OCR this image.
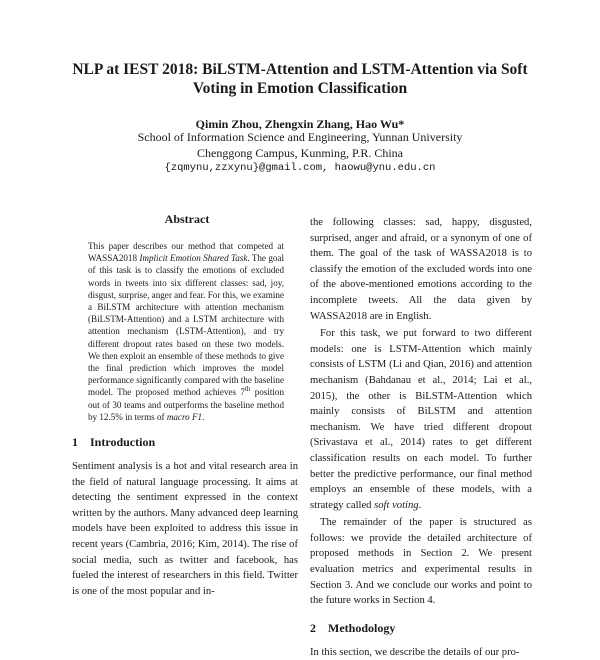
NLP at IEST 2018: BiLSTM-Attention and LSTM-Attention via Soft
Voting in Emotion Classification
Qimin Zhou, Zhengxin Zhang, Hao Wu*
School of Information Science and Engineering, Yunnan University
Chenggong Campus, Kunming, P.R. China
{zqmynu,zzxynu}@gmail.com, haowu@ynu.edu.cn
Abstract

This paper describes our method that competed at WASSA2018 Implicit Emotion Shared Task. The goal of this task is to classify the emotions of excluded words in tweets into six different classes: sad, joy, disgust, surprise, anger and fear. For this, we examine a BiLSTM architecture with attention mechanism (BiLSTM-Attention) and a LSTM architecture with attention mechanism (LSTM-Attention), and try different dropout rates based on these two models. We then exploit an ensemble of these methods to give the final prediction which improves the model performance significantly compared with the baseline model. The proposed method achieves 7th position out of 30 teams and outperforms the baseline method by 12.5% in terms of macro F1.

1 Introduction

Sentiment analysis is a hot and vital research area in the field of natural language processing. It aims at detecting the sentiment expressed in the context written by the authors. Many advanced deep learning models have been exploited to address this issue in recent years (Cambria, 2016; Kim, 2014). The rise of social media, such as twitter and facebook, has fueled the interest of researchers in this field. Twitter is one of the most popular and in-

the following classes: sad, happy, disgusted, surprised, anger and afraid, or a synonym of one of them. The goal of the task of WASSA2018 is to classify the emotion of the excluded words into one of the above-mentioned emotions according to the incomplete tweets. All the data given by WASSA2018 are in English.

For this task, we put forward to two different models: one is LSTM-Attention which mainly consists of LSTM (Li and Qian, 2016) and attention mechanism (Bahdanau et al., 2014; Lai et al., 2015), the other is BiLSTM-Attention which mainly consists of BiLSTM and attention mechanism. We have tried different dropout (Srivastava et al., 2014) rates to get different classification results on each model. To further better the predictive performance, our final method employs an ensemble of these models, with a strategy called soft voting.

The remainder of the paper is structured as follows: we provide the detailed architecture of proposed methods in Section 2. We present evaluation metrics and experimental results in Section 3. And we conclude our works and point to the future works in Section 4.

2 Methodology

In this section, we describe the details of our pro-
